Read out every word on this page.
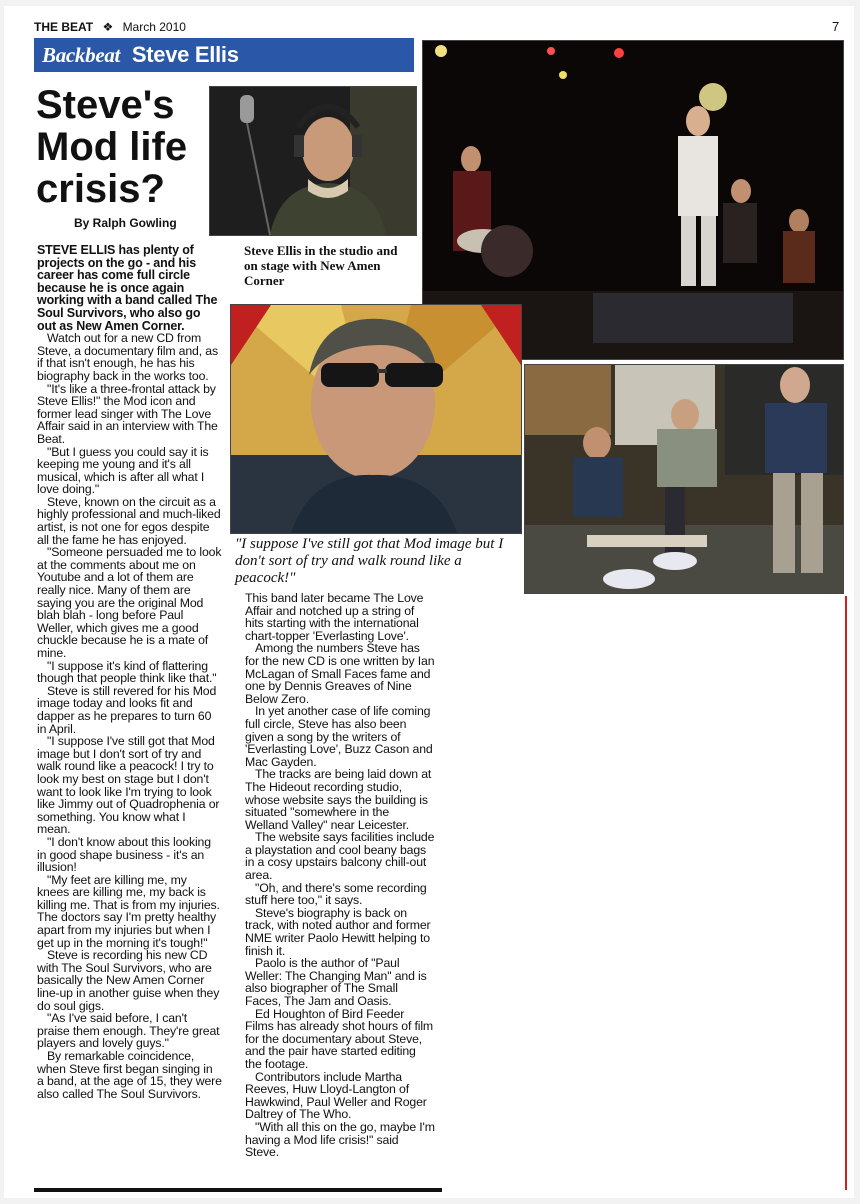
THE BEAT ❖ March 2010	7
Backbeat Steve Ellis
Steve's Mod life crisis?
By Ralph Gowling
Steve Ellis in the studio and on stage with New Amen Corner
"I suppose I've still got that Mod image but I don't sort of try and walk round like a peacock!"

STEVE ELLIS has plenty of projects on the go - and his career has come full circle because he is once again working with a band called The Soul Survivors, who also go out as New Amen Corner.

Watch out for a new CD from Steve, a documentary film and, as if that isn't enough, he has his biography back in the works too.

"It's like a three-frontal attack by Steve Ellis!" the Mod icon and former lead singer with The Love Affair said in an interview with The Beat.

"But I guess you could say it is keeping me young and it's all musical, which is after all what I love doing."

Steve, known on the circuit as a highly professional and much-liked artist, is not one for egos despite all the fame he has enjoyed.

"Someone persuaded me to look at the comments about me on Youtube and a lot of them are really nice. Many of them are saying you are the original Mod blah blah - long before Paul Weller, which gives me a good chuckle because he is a mate of mine.

"I suppose it's kind of flattering though that people think like that."

Steve is still revered for his Mod image today and looks fit and dapper as he prepares to turn 60 in April.

"I suppose I've still got that Mod image but I don't sort of try and walk round like a peacock! I try to look my best on stage but I don't want to look like I'm trying to look like Jimmy out of Quadrophenia or something. You know what I mean.

"I don't know about this looking in good shape business - it's an illusion!

"My feet are killing me, my knees are killing me, my back is killing me. That is from my injuries. The doctors say I'm pretty healthy apart from my injuries but when I get up in the morning it's tough!"

Steve is recording his new CD with The Soul Survivors, who are basically the New Amen Corner line-up in another guise when they do soul gigs.

"As I've said before, I can't praise them enough. They're great players and lovely guys."

By remarkable coincidence, when Steve first began singing in a band, at the age of 15, they were also called The Soul Survivors.

This band later became The Love Affair and notched up a string of hits starting with the international chart-topper 'Everlasting Love'.

Among the numbers Steve has for the new CD is one written by Ian McLagan of Small Faces fame and one by Dennis Greaves of Nine Below Zero.

In yet another case of life coming full circle, Steve has also been given a song by the writers of 'Everlasting Love', Buzz Cason and Mac Gayden.

The tracks are being laid down at The Hideout recording studio, whose website says the building is situated "somewhere in the Welland Valley" near Leicester.

The website says facilities include a playstation and cool beany bags in a cosy upstairs balcony chill-out area.

"Oh, and there's some recording stuff here too," it says.

Steve's biography is back on track, with noted author and former NME writer Paolo Hewitt helping to finish it.

Paolo is the author of "Paul Weller: The Changing Man" and is also biographer of The Small Faces, The Jam and Oasis.

Ed Houghton of Bird Feeder Films has already shot hours of film for the documentary about Steve, and the pair have started editing the footage.

Contributors include Martha Reeves, Huw Lloyd-Langton of Hawkwind, Paul Weller and Roger Daltrey of The Who.

"With all this on the go, maybe I'm having a Mod life crisis!" said Steve.
